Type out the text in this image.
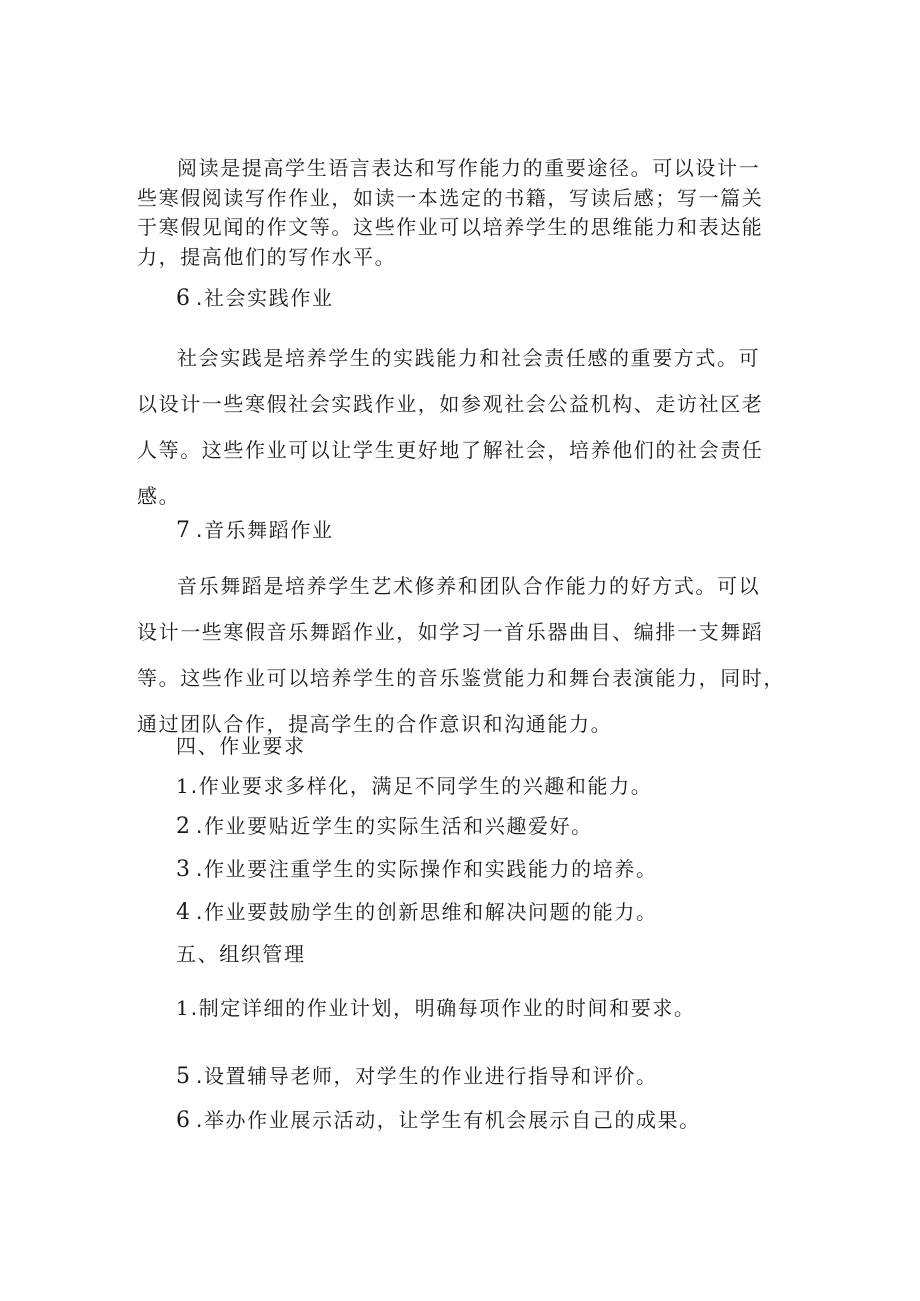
阅读是提高学生语言表达和写作能力的重要途径。可以设计一
些寒假阅读写作作业，如读一本选定的书籍，写读后感；写一篇关
于寒假见闻的作文等。这些作业可以培养学生的思维能力和表达能
力，提高他们的写作水平。
6 .社会实践作业
社会实践是培养学生的实践能力和社会责任感的重要方式。可
以设计一些寒假社会实践作业，如参观社会公益机构、走访社区老
人等。这些作业可以让学生更好地了解社会，培养他们的社会责任
感。
7 .音乐舞蹈作业
音乐舞蹈是培养学生艺术修养和团队合作能力的好方式。可以
设计一些寒假音乐舞蹈作业，如学习一首乐器曲目、编排一支舞蹈
等。这些作业可以培养学生的音乐鉴赏能力和舞台表演能力，同时，
通过团队合作，提高学生的合作意识和沟通能力。
四、作业要求
1 .作业要求多样化，满足不同学生的兴趣和能力。
2 .作业要贴近学生的实际生活和兴趣爱好。
3 .作业要注重学生的实际操作和实践能力的培养。
4 .作业要鼓励学生的创新思维和解决问题的能力。
五、组织管理
1 .制定详细的作业计划，明确每项作业的时间和要求。
5 .设置辅导老师，对学生的作业进行指导和评价。
6 .举办作业展示活动，让学生有机会展示自己的成果。
